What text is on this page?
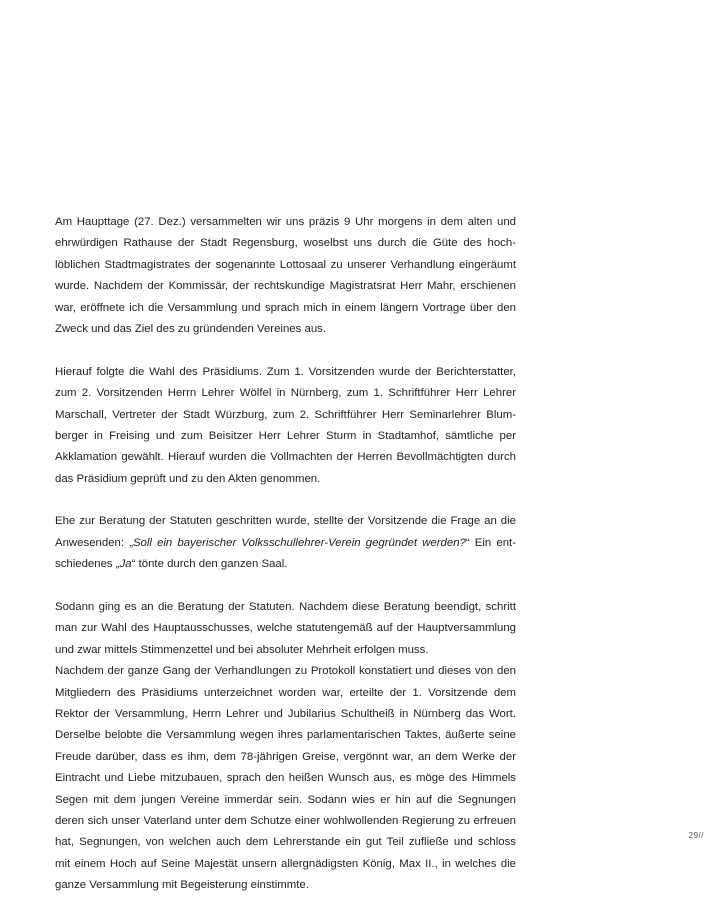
Am Haupttage (27. Dez.) versammelten wir uns präzis 9 Uhr morgens in dem alten und
ehrwürdigen Rathause der Stadt Regensburg, woselbst uns durch die Güte des hoch-
löblichen Stadtmagistrates der sogenannte Lottosaal zu unserer Verhandlung eingeräumt
wurde. Nachdem der Kommissär, der rechtskundige Magistratsrat Herr Mahr, erschienen
war, eröffnete ich die Versammlung und sprach mich in einem längern Vortrage über den
Zweck und das Ziel des zu gründenden Vereines aus.

Hierauf folgte die Wahl des Präsidiums. Zum 1. Vorsitzenden wurde der Berichterstatter,
zum 2. Vorsitzenden Herrn Lehrer Wölfel in Nürnberg, zum 1. Schriftführer Herr Lehrer
Marschall, Vertreter der Stadt Würzburg, zum 2. Schriftführer Herr Seminarlehrer Blum-
berger in Freising und zum Beisitzer Herr Lehrer Sturm in Stadtamhof, sämtliche per
Akklamation gewählt. Hierauf wurden die Vollmachten der Herren Bevollmächtigten durch
das Präsidium geprüft und zu den Akten genommen.

Ehe zur Beratung der Statuten geschritten wurde, stellte der Vorsitzende die Frage an die
Anwesenden: „Soll ein bayerischer Volksschullehrer-Verein gegründet werden?“ Ein ent-
schiedenes „Ja“ tönte durch den ganzen Saal.

Sodann ging es an die Beratung der Statuten. Nachdem diese Beratung beendigt, schritt
man zur Wahl des Hauptausschusses, welche statutengemäß auf der Hauptversammlung
und zwar mittels Stimmenzettel und bei absoluter Mehrheit erfolgen muss.
Nachdem der ganze Gang der Verhandlungen zu Protokoll konstatiert und dieses von den
Mitgliedern des Präsidiums unterzeichnet worden war, erteilte der 1. Vorsitzende dem
Rektor der Versammlung, Herrn Lehrer und Jubilarius Schultheiß in Nürnberg das Wort.
Derselbe belobte die Versammlung wegen ihres parlamentarischen Taktes, äußerte seine
Freude darüber, dass es ihm, dem 78-jährigen Greise, vergönnt war, an dem Werke der
Eintracht und Liebe mitzubauen, sprach den heißen Wunsch aus, es möge des Himmels
Segen mit dem jungen Vereine immerdar sein. Sodann wies er hin auf die Segnungen
deren sich unser Vaterland unter dem Schutze einer wohlwollenden Regierung zu erfreuen
hat, Segnungen, von welchen auch dem Lehrerstande ein gut Teil zufließe und schloss
mit einem Hoch auf Seine Majestät unsern allergnädigsten König, Max II., in welches die
ganze Versammlung mit Begeisterung einstimmte.

29//
